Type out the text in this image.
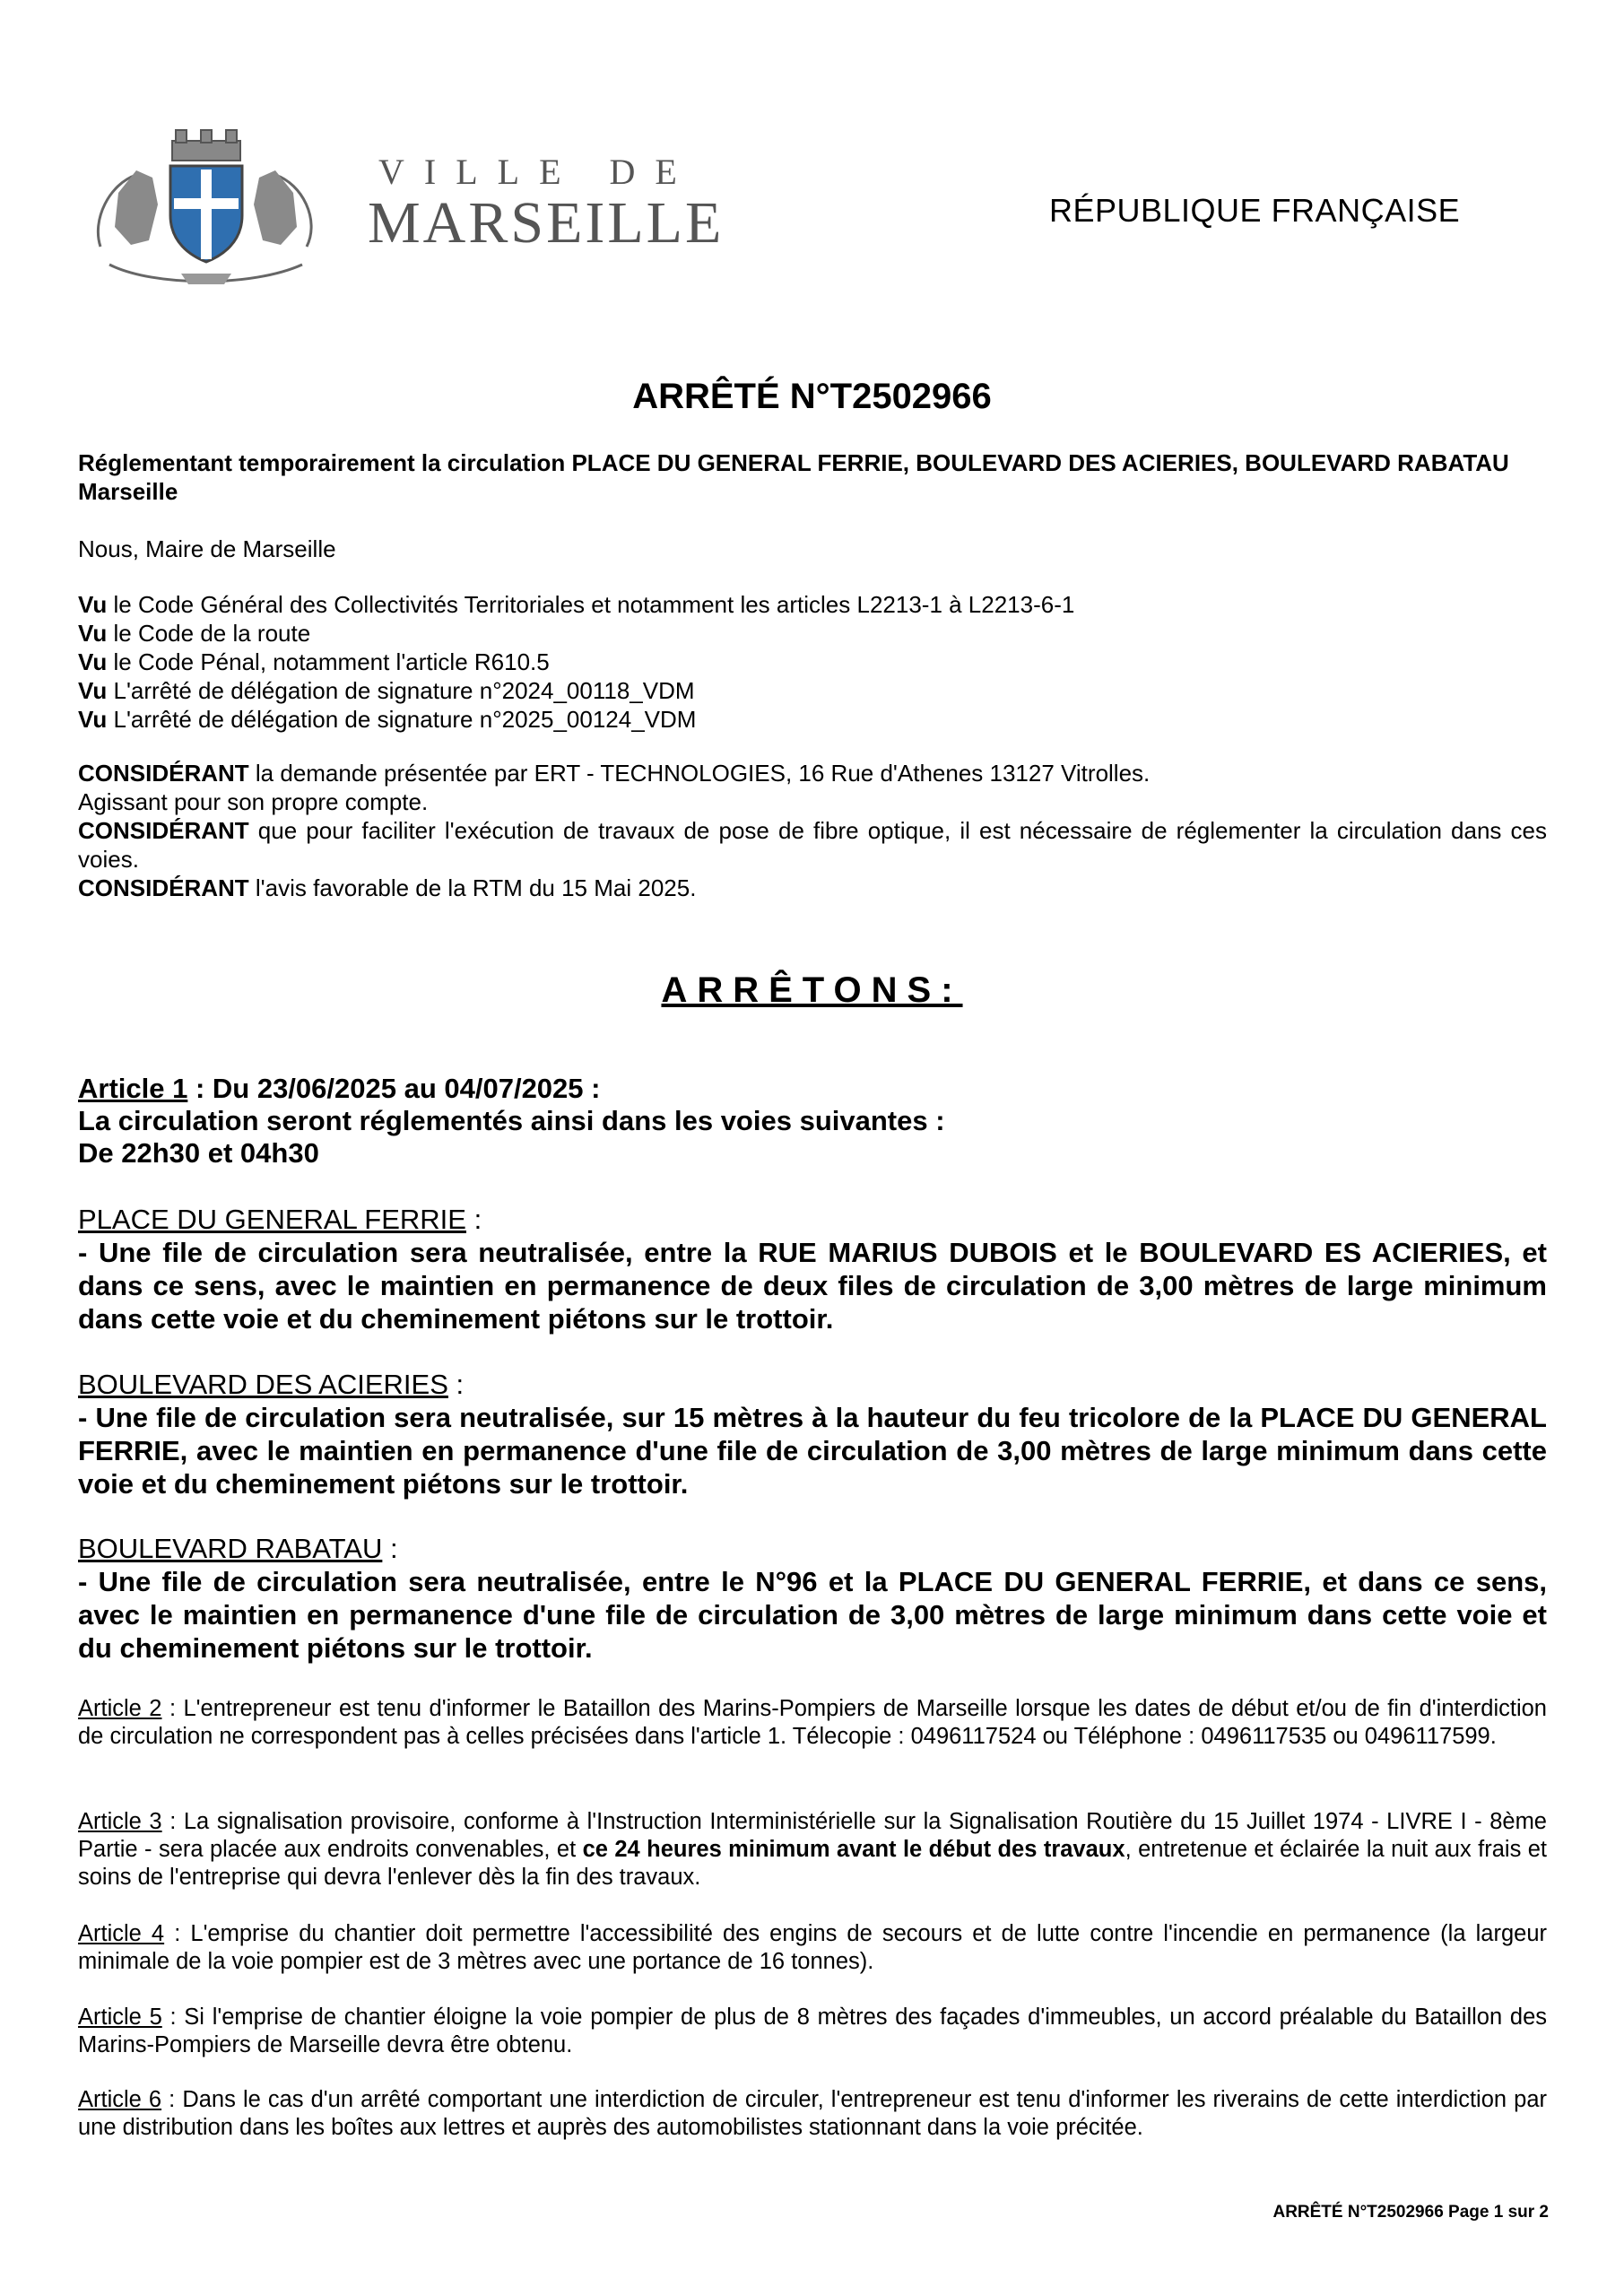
VILLE DE
MARSEILLE	RÉPUBLIQUE FRANÇAISE
ARRÊTÉ N°T2502966

Réglementant temporairement la circulation PLACE DU GENERAL FERRIE, BOULEVARD DES ACIERIES, BOULEVARD RABATAU Marseille

Nous, Maire de Marseille

Vu le Code Général des Collectivités Territoriales et notamment les articles L2213-1 à L2213-6-1

Vu le Code de la route

Vu le Code Pénal, notamment l'article R610.5

Vu L'arrêté de délégation de signature n°2024_00118_VDM

Vu L'arrêté de délégation de signature n°2025_00124_VDM

CONSIDÉRANT la demande présentée par ERT - TECHNOLOGIES, 16 Rue d'Athenes 13127 Vitrolles.

Agissant pour son propre compte.

CONSIDÉRANT que pour faciliter l'exécution de travaux de pose de fibre optique, il est nécessaire de réglementer la circulation dans ces voies.

CONSIDÉRANT l'avis favorable de la RTM du 15 Mai 2025.

ARRÊTONS:

Article 1 : Du 23/06/2025 au 04/07/2025 :

La circulation seront réglementés ainsi dans les voies suivantes :

De 22h30 et 04h30

PLACE DU GENERAL FERRIE :

- Une file de circulation sera neutralisée, entre la RUE MARIUS DUBOIS et le BOULEVARD ES ACIERIES, et dans ce sens, avec le maintien en permanence de deux files de circulation de 3,00 mètres de large minimum dans cette voie et du cheminement piétons sur le trottoir.

BOULEVARD DES ACIERIES :

- Une file de circulation sera neutralisée, sur 15 mètres à la hauteur du feu tricolore de la PLACE DU GENERAL FERRIE, avec le maintien en permanence d'une file de circulation de 3,00 mètres de large minimum dans cette voie et du cheminement piétons sur le trottoir.

BOULEVARD RABATAU :

- Une file de circulation sera neutralisée, entre le N°96 et la PLACE DU GENERAL FERRIE, et dans ce sens, avec le maintien en permanence d'une file de circulation de 3,00 mètres de large minimum dans cette voie et du cheminement piétons sur le trottoir.

Article 2 : L'entrepreneur est tenu d'informer le Bataillon des Marins-Pompiers de Marseille lorsque les dates de début et/ou de fin d'interdiction de circulation ne correspondent pas à celles précisées dans l'article 1. Télecopie : 0496117524 ou Téléphone : 0496117535 ou 0496117599.

Article 3 : La signalisation provisoire, conforme à l'Instruction Interministérielle sur la Signalisation Routière du 15 Juillet 1974 - LIVRE I - 8ème Partie - sera placée aux endroits convenables, et ce 24 heures minimum avant le début des travaux, entretenue et éclairée la nuit aux frais et soins de l'entreprise qui devra l'enlever dès la fin des travaux.

Article 4 : L'emprise du chantier doit permettre l'accessibilité des engins de secours et de lutte contre l'incendie en permanence (la largeur minimale de la voie pompier est de 3 mètres avec une portance de 16 tonnes).

Article 5 : Si l'emprise de chantier éloigne la voie pompier de plus de 8 mètres des façades d'immeubles, un accord préalable du Bataillon des Marins-Pompiers de Marseille devra être obtenu.

Article 6 : Dans le cas d'un arrêté comportant une interdiction de circuler, l'entrepreneur est tenu d'informer les riverains de cette interdiction par une distribution dans les boîtes aux lettres et auprès des automobilistes stationnant dans la voie précitée.

ARRÊTÉ N°T2502966 Page 1 sur 2
